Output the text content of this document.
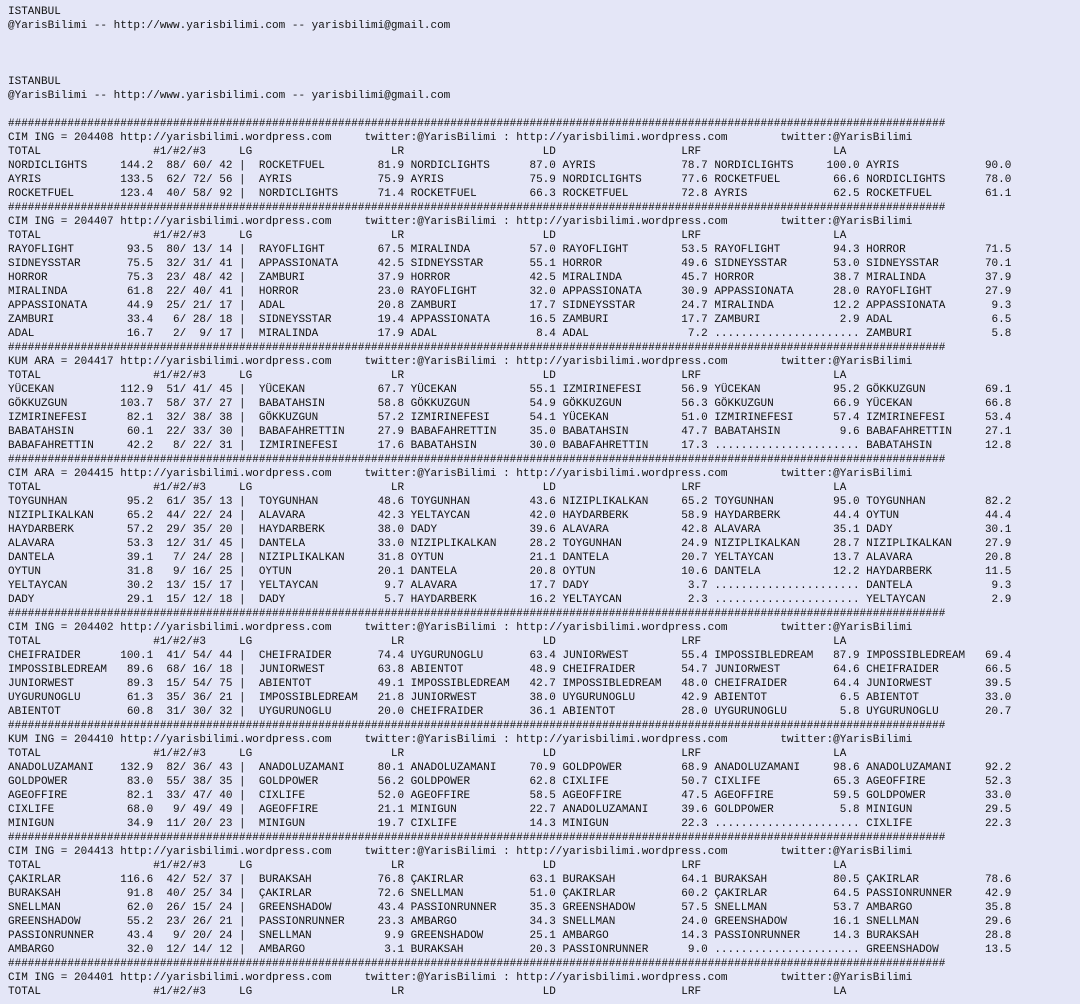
ISTANBUL
@YarisBilimi -- http://www.yarisbilimi.com -- yarisbilimi@gmail.com

ISTANBUL
@YarisBilimi -- http://www.yarisbilimi.com -- yarisbilimi@gmail.com

##############################################################################################################################################
CIM ING = 204408 http://yarisbilimi.wordpress.com     twitter:@YarisBilimi : http://yarisbilimi.wordpress.com        twitter:@YarisBilimi
TOTAL                 #1/#2/#3     LG                     LR                     LD                   LRF                    LA
NORDICLIGHTS     144.2  88/ 60/ 42 |  ROCKETFUEL        81.9 NORDICLIGHTS      87.0 AYRIS             78.7 NORDICLIGHTS     100.0 AYRIS             90.0
AYRIS            133.5  62/ 72/ 56 |  AYRIS             75.9 AYRIS             75.9 NORDICLIGHTS      77.6 ROCKETFUEL        66.6 NORDICLIGHTS      78.0
ROCKETFUEL       123.4  40/ 58/ 92 |  NORDICLIGHTS      71.4 ROCKETFUEL        66.3 ROCKETFUEL        72.8 AYRIS             62.5 ROCKETFUEL        61.1
##############################################################################################################################################
CIM ING = 204407 http://yarisbilimi.wordpress.com     twitter:@YarisBilimi : http://yarisbilimi.wordpress.com        twitter:@YarisBilimi
TOTAL                 #1/#2/#3     LG                     LR                     LD                   LRF                    LA
RAYOFLIGHT        93.5  80/ 13/ 14 |  RAYOFLIGHT        67.5 MIRALINDA         57.0 RAYOFLIGHT        53.5 RAYOFLIGHT        94.3 HORROR            71.5
SIDNEYSSTAR       75.5  32/ 31/ 41 |  APPASSIONATA      42.5 SIDNEYSSTAR       55.1 HORROR            49.6 SIDNEYSSTAR       53.0 SIDNEYSSTAR       70.1
HORROR            75.3  23/ 48/ 42 |  ZAMBURI           37.9 HORROR            42.5 MIRALINDA         45.7 HORROR            38.7 MIRALINDA         37.9
MIRALINDA         61.8  22/ 40/ 41 |  HORROR            23.0 RAYOFLIGHT        32.0 APPASSIONATA      30.9 APPASSIONATA      28.0 RAYOFLIGHT        27.9
APPASSIONATA      44.9  25/ 21/ 17 |  ADAL              20.8 ZAMBURI           17.7 SIDNEYSSTAR       24.7 MIRALINDA         12.2 APPASSIONATA       9.3
ZAMBURI           33.4   6/ 28/ 18 |  SIDNEYSSTAR       19.4 APPASSIONATA      16.5 ZAMBURI           17.7 ZAMBURI            2.9 ADAL               6.5
ADAL              16.7   2/  9/ 17 |  MIRALINDA         17.9 ADAL               8.4 ADAL               7.2 ...................... ZAMBURI            5.8
##############################################################################################################################################
KUM ARA = 204417 http://yarisbilimi.wordpress.com     twitter:@YarisBilimi : http://yarisbilimi.wordpress.com        twitter:@YarisBilimi
TOTAL                 #1/#2/#3     LG                     LR                     LD                   LRF                    LA
YÜCEKAN          112.9  51/ 41/ 45 |  YÜCEKAN           67.7 YÜCEKAN           55.1 IZMIRINEFESI      56.9 YÜCEKAN           95.2 GÖKKUZGUN         69.1
GÖKKUZGUN        103.7  58/ 37/ 27 |  BABATAHSIN        58.8 GÖKKUZGUN         54.9 GÖKKUZGUN         56.3 GÖKKUZGUN         66.9 YÜCEKAN           66.8
IZMIRINEFESI      82.1  32/ 38/ 38 |  GÖKKUZGUN         57.2 IZMIRINEFESI      54.1 YÜCEKAN           51.0 IZMIRINEFESI      57.4 IZMIRINEFESI      53.4
BABATAHSIN        60.1  22/ 33/ 30 |  BABAFAHRETTIN     27.9 BABAFAHRETTIN     35.0 BABATAHSIN        47.7 BABATAHSIN         9.6 BABAFAHRETTIN     27.1
BABAFAHRETTIN     42.2   8/ 22/ 31 |  IZMIRINEFESI      17.6 BABATAHSIN        30.0 BABAFAHRETTIN     17.3 ...................... BABATAHSIN        12.8
##############################################################################################################################################
CIM ARA = 204415 http://yarisbilimi.wordpress.com     twitter:@YarisBilimi : http://yarisbilimi.wordpress.com        twitter:@YarisBilimi
TOTAL                 #1/#2/#3     LG                     LR                     LD                   LRF                    LA
TOYGUNHAN         95.2  61/ 35/ 13 |  TOYGUNHAN         48.6 TOYGUNHAN         43.6 NIZIPLIKALKAN     65.2 TOYGUNHAN         95.0 TOYGUNHAN         82.2
NIZIPLIKALKAN     65.2  44/ 22/ 24 |  ALAVARA           42.3 YELTAYCAN         42.0 HAYDARBERK        58.9 HAYDARBERK        44.4 OYTUN             44.4
HAYDARBERK        57.2  29/ 35/ 20 |  HAYDARBERK        38.0 DADY              39.6 ALAVARA           42.8 ALAVARA           35.1 DADY              30.1
ALAVARA           53.3  12/ 31/ 45 |  DANTELA           33.0 NIZIPLIKALKAN     28.2 TOYGUNHAN         24.9 NIZIPLIKALKAN     28.7 NIZIPLIKALKAN     27.9
DANTELA           39.1   7/ 24/ 28 |  NIZIPLIKALKAN     31.8 OYTUN             21.1 DANTELA           20.7 YELTAYCAN         13.7 ALAVARA           20.8
OYTUN             31.8   9/ 16/ 25 |  OYTUN             20.1 DANTELA           20.8 OYTUN             10.6 DANTELA           12.2 HAYDARBERK        11.5
YELTAYCAN         30.2  13/ 15/ 17 |  YELTAYCAN          9.7 ALAVARA           17.7 DADY               3.7 ...................... DANTELA            9.3
DADY              29.1  15/ 12/ 18 |  DADY               5.7 HAYDARBERK        16.2 YELTAYCAN          2.3 ...................... YELTAYCAN          2.9
##############################################################################################################################################
CIM ING = 204402 http://yarisbilimi.wordpress.com     twitter:@YarisBilimi : http://yarisbilimi.wordpress.com        twitter:@YarisBilimi
TOTAL                 #1/#2/#3     LG                     LR                     LD                   LRF                    LA
CHEIFRAIDER      100.1  41/ 54/ 44 |  CHEIFRAIDER       74.4 UYGURUNOGLU       63.4 JUNIORWEST        55.4 IMPOSSIBLEDREAM   87.9 IMPOSSIBLEDREAM   69.4
IMPOSSIBLEDREAM   89.6  68/ 16/ 18 |  JUNIORWEST        63.8 ABIENTOT          48.9 CHEIFRAIDER       54.7 JUNIORWEST        64.6 CHEIFRAIDER       66.5
JUNIORWEST        89.3  15/ 54/ 75 |  ABIENTOT          49.1 IMPOSSIBLEDREAM   42.7 IMPOSSIBLEDREAM   48.0 CHEIFRAIDER       64.4 JUNIORWEST        39.5
UYGURUNOGLU       61.3  35/ 36/ 21 |  IMPOSSIBLEDREAM   21.8 JUNIORWEST        38.0 UYGURUNOGLU       42.9 ABIENTOT           6.5 ABIENTOT          33.0
ABIENTOT          60.8  31/ 30/ 32 |  UYGURUNOGLU       20.0 CHEIFRAIDER       36.1 ABIENTOT          28.0 UYGURUNOGLU        5.8 UYGURUNOGLU       20.7
##############################################################################################################################################
KUM ING = 204410 http://yarisbilimi.wordpress.com     twitter:@YarisBilimi : http://yarisbilimi.wordpress.com        twitter:@YarisBilimi
TOTAL                 #1/#2/#3     LG                     LR                     LD                   LRF                    LA
ANADOLUZAMANI    132.9  82/ 36/ 43 |  ANADOLUZAMANI     80.1 ANADOLUZAMANI     70.9 GOLDPOWER         68.9 ANADOLUZAMANI     98.6 ANADOLUZAMANI     92.2
GOLDPOWER         83.0  55/ 38/ 35 |  GOLDPOWER         56.2 GOLDPOWER         62.8 CIXLIFE           50.7 CIXLIFE           65.3 AGEOFFIRE         52.3
AGEOFFIRE         82.1  33/ 47/ 40 |  CIXLIFE           52.0 AGEOFFIRE         58.5 AGEOFFIRE         47.5 AGEOFFIRE         59.5 GOLDPOWER         33.0
CIXLIFE           68.0   9/ 49/ 49 |  AGEOFFIRE         21.1 MINIGUN           22.7 ANADOLUZAMANI     39.6 GOLDPOWER          5.8 MINIGUN           29.5
MINIGUN           34.9  11/ 20/ 23 |  MINIGUN           19.7 CIXLIFE           14.3 MINIGUN           22.3 ...................... CIXLIFE           22.3
##############################################################################################################################################
CIM ING = 204413 http://yarisbilimi.wordpress.com     twitter:@YarisBilimi : http://yarisbilimi.wordpress.com        twitter:@YarisBilimi
TOTAL                 #1/#2/#3     LG                     LR                     LD                   LRF                    LA
ÇAKIRLAR         116.6  42/ 52/ 37 |  BURAKSAH          76.8 ÇAKIRLAR          63.1 BURAKSAH          64.1 BURAKSAH          80.5 ÇAKIRLAR          78.6
BURAKSAH          91.8  40/ 25/ 34 |  ÇAKIRLAR          72.6 SNELLMAN          51.0 ÇAKIRLAR          60.2 ÇAKIRLAR          64.5 PASSIONRUNNER     42.9
SNELLMAN          62.0  26/ 15/ 24 |  GREENSHADOW       43.4 PASSIONRUNNER     35.3 GREENSHADOW       57.5 SNELLMAN          53.7 AMBARGO           35.8
GREENSHADOW       55.2  23/ 26/ 21 |  PASSIONRUNNER     23.3 AMBARGO           34.3 SNELLMAN          24.0 GREENSHADOW       16.1 SNELLMAN          29.6
PASSIONRUNNER     43.4   9/ 20/ 24 |  SNELLMAN           9.9 GREENSHADOW       25.1 AMBARGO           14.3 PASSIONRUNNER     14.3 BURAKSAH          28.8
AMBARGO           32.0  12/ 14/ 12 |  AMBARGO            3.1 BURAKSAH          20.3 PASSIONRUNNER      9.0 ...................... GREENSHADOW       13.5
##############################################################################################################################################
CIM ING = 204401 http://yarisbilimi.wordpress.com     twitter:@YarisBilimi : http://yarisbilimi.wordpress.com        twitter:@YarisBilimi
TOTAL                 #1/#2/#3     LG                     LR                     LD                   LRF                    LA
